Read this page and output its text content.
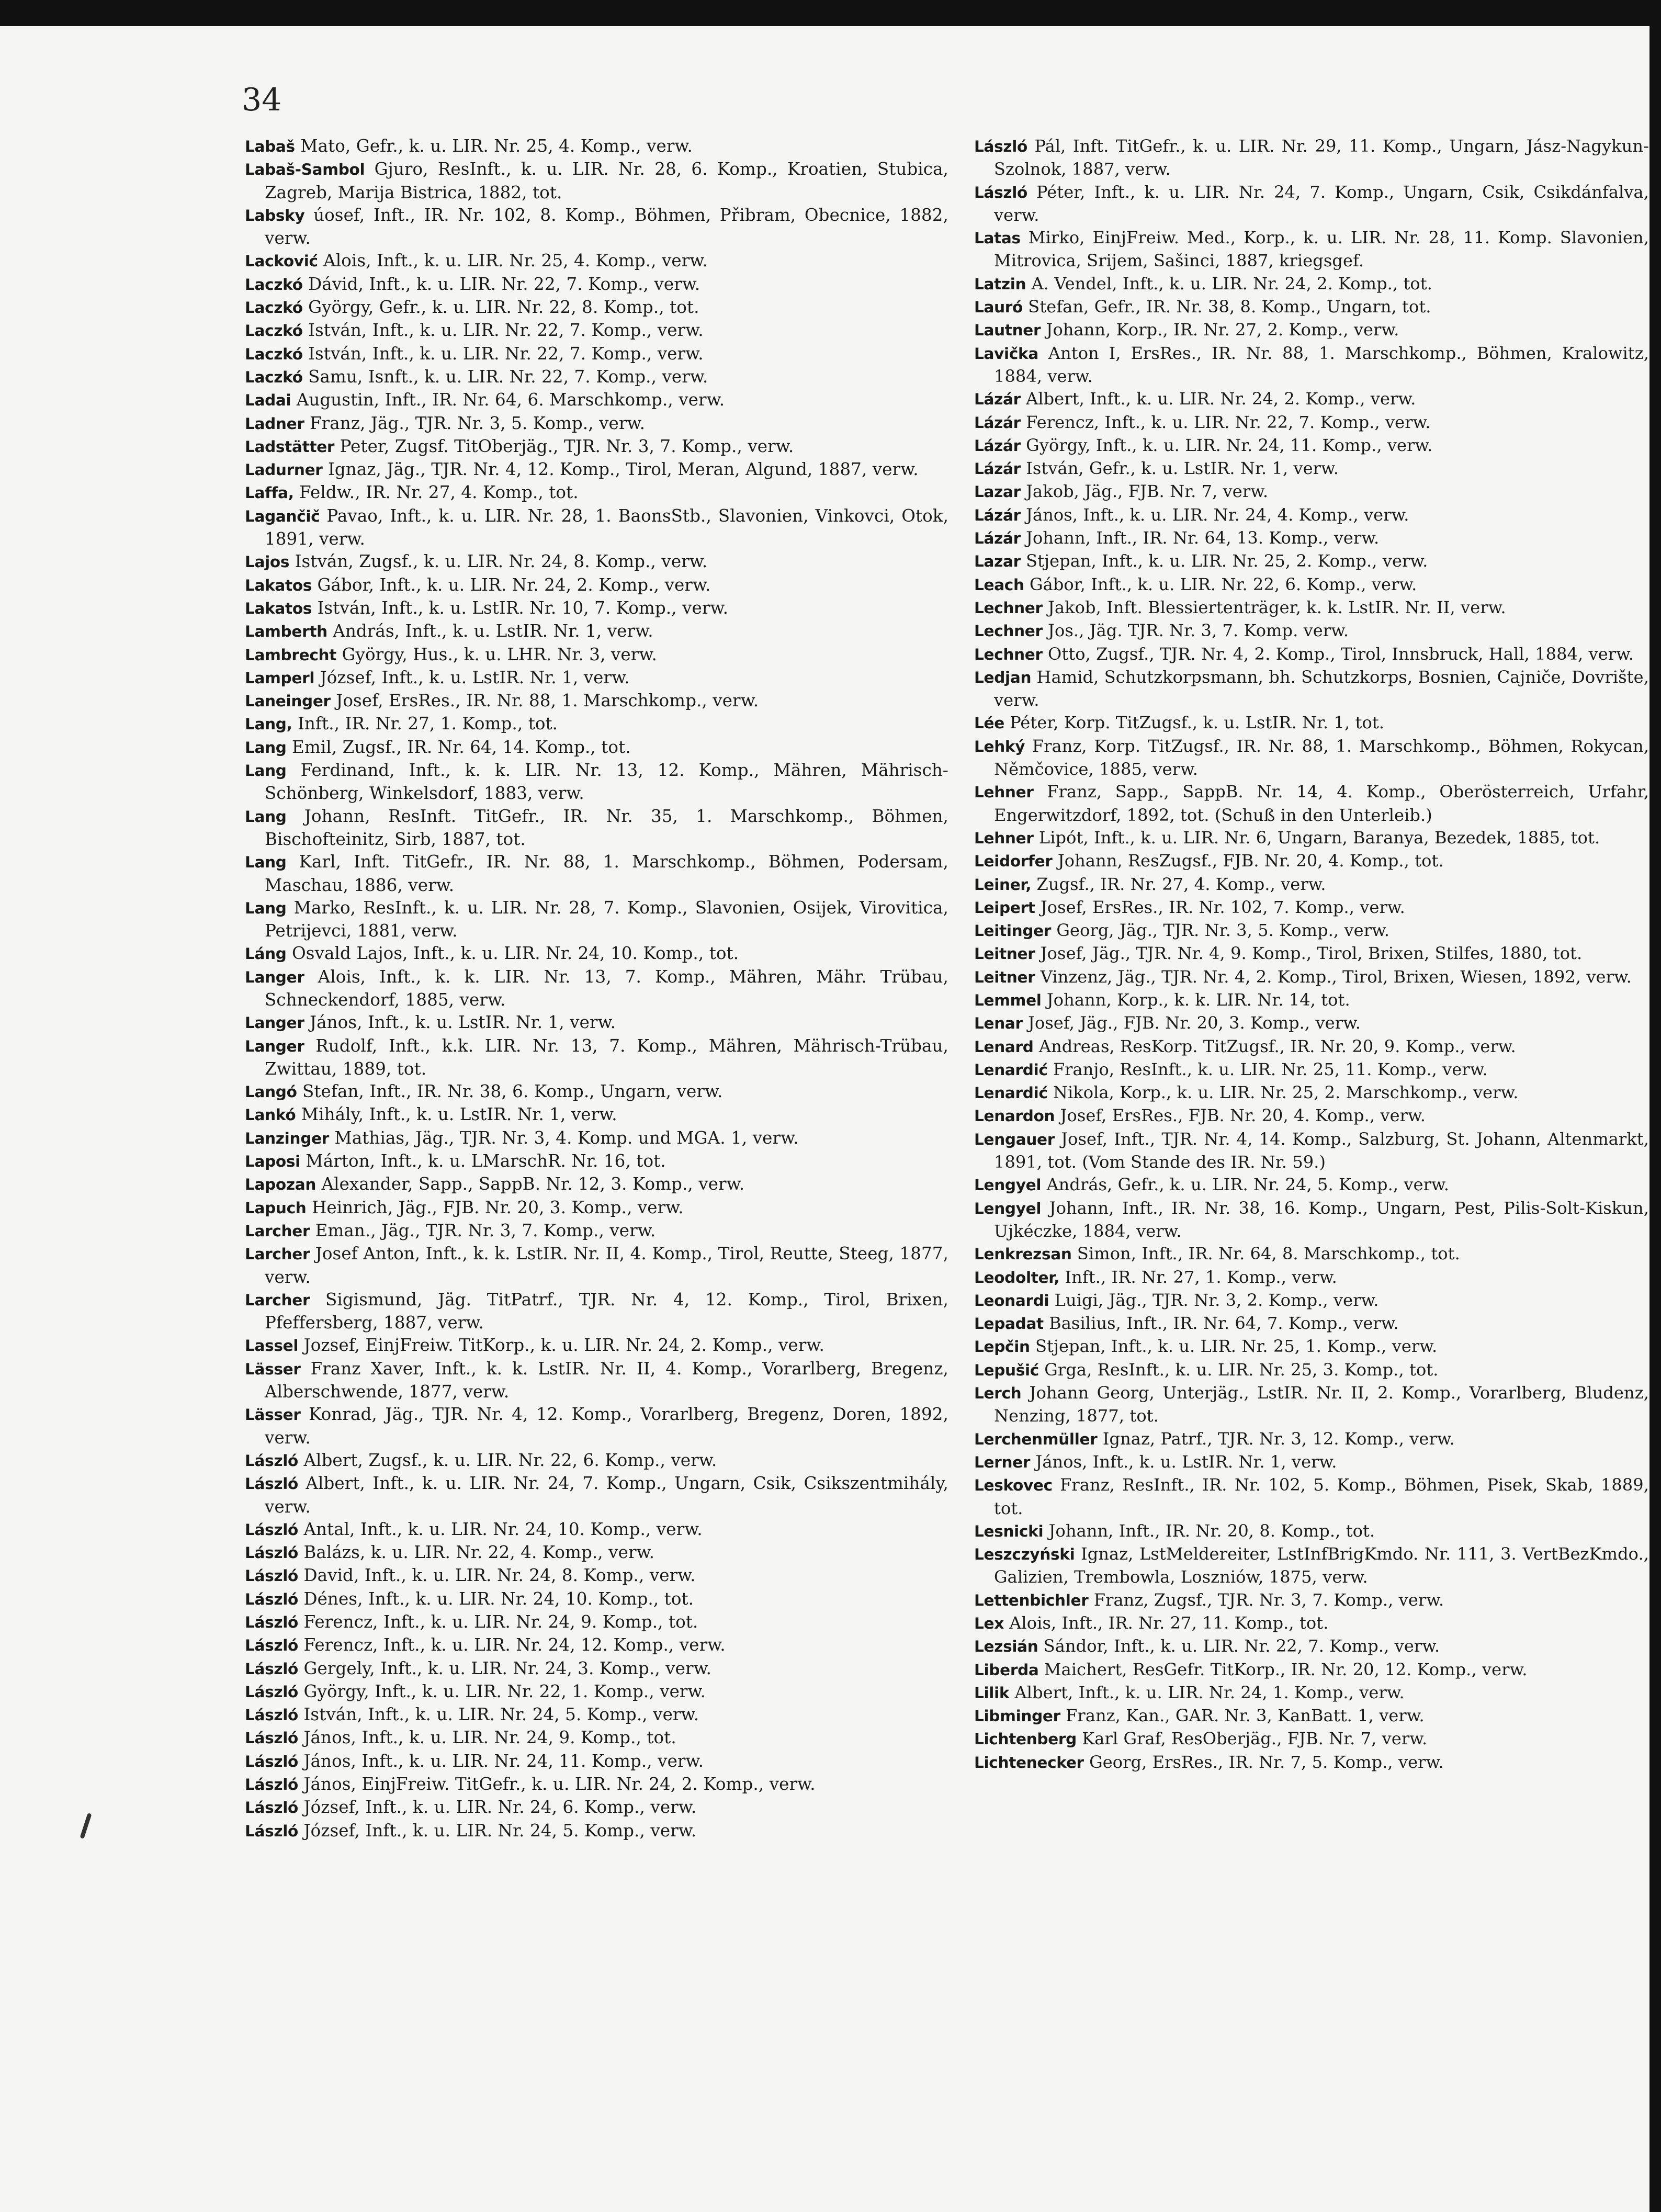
34

Labaš Mato, Gefr., k. u. LIR. Nr. 25, 4. Komp., verw.

Labaš-Sambol Gjuro, ResInft., k. u. LIR. Nr. 28, 6. Komp., Kroatien, Stubica, Zagreb, Marija Bistrica, 1882, tot.

Labsky úosef, Inft., IR. Nr. 102, 8. Komp., Böhmen, Přibram, Obecnice, 1882, verw.

Lacković Alois, Inft., k. u. LIR. Nr. 25, 4. Komp., verw.

Laczkó Dávid, Inft., k. u. LIR. Nr. 22, 7. Komp., verw.

Laczkó György, Gefr., k. u. LIR. Nr. 22, 8. Komp., tot.

Laczkó István, Inft., k. u. LIR. Nr. 22, 7. Komp., verw.

Laczkó István, Inft., k. u. LIR. Nr. 22, 7. Komp., verw.

Laczkó Samu, Isnft., k. u. LIR. Nr. 22, 7. Komp., verw.

Ladai Augustin, Inft., IR. Nr. 64, 6. Marschkomp., verw.

Ladner Franz, Jäg., TJR. Nr. 3, 5. Komp., verw.

Ladstätter Peter, Zugsf. TitOberjäg., TJR. Nr. 3, 7. Komp., verw.

Ladurner Ignaz, Jäg., TJR. Nr. 4, 12. Komp., Tirol, Meran, Algund, 1887, verw.

Laffa, Feldw., IR. Nr. 27, 4. Komp., tot.

Lagančič Pavao, Inft., k. u. LIR. Nr. 28, 1. BaonsStb., Slavonien, Vinkovci, Otok, 1891, verw.

Lajos István, Zugsf., k. u. LIR. Nr. 24, 8. Komp., verw.

Lakatos Gábor, Inft., k. u. LIR. Nr. 24, 2. Komp., verw.

Lakatos István, Inft., k. u. LstIR. Nr. 10, 7. Komp., verw.

Lamberth András, Inft., k. u. LstIR. Nr. 1, verw.

Lambrecht György, Hus., k. u. LHR. Nr. 3, verw.

Lamperl József, Inft., k. u. LstIR. Nr. 1, verw.

Laneinger Josef, ErsRes., IR. Nr. 88, 1. Marschkomp., verw.

Lang, Inft., IR. Nr. 27, 1. Komp., tot.

Lang Emil, Zugsf., IR. Nr. 64, 14. Komp., tot.

Lang Ferdinand, Inft., k. k. LIR. Nr. 13, 12. Komp., Mähren, Mährisch-Schönberg, Winkelsdorf, 1883, verw.

Lang Johann, ResInft. TitGefr., IR. Nr. 35, 1. Marschkomp., Böhmen, Bischofteinitz, Sirb, 1887, tot.

Lang Karl, Inft. TitGefr., IR. Nr. 88, 1. Marschkomp., Böhmen, Podersam, Maschau, 1886, verw.

Lang Marko, ResInft., k. u. LIR. Nr. 28, 7. Komp., Slavonien, Osijek, Virovitica, Petrijevci, 1881, verw.

Láng Osvald Lajos, Inft., k. u. LIR. Nr. 24, 10. Komp., tot.

Langer Alois, Inft., k. k. LIR. Nr. 13, 7. Komp., Mähren, Mähr. Trübau, Schneckendorf, 1885, verw.

Langer János, Inft., k. u. LstIR. Nr. 1, verw.

Langer Rudolf, Inft., k.k. LIR. Nr. 13, 7. Komp., Mähren, Mährisch-Trübau, Zwittau, 1889, tot.

Langó Stefan, Inft., IR. Nr. 38, 6. Komp., Ungarn, verw.

Lankó Mihály, Inft., k. u. LstIR. Nr. 1, verw.

Lanzinger Mathias, Jäg., TJR. Nr. 3, 4. Komp. und MGA. 1, verw.

Laposi Márton, Inft., k. u. LMarschR. Nr. 16, tot.

Lapozan Alexander, Sapp., SappB. Nr. 12, 3. Komp., verw.

Lapuch Heinrich, Jäg., FJB. Nr. 20, 3. Komp., verw.

Larcher Eman., Jäg., TJR. Nr. 3, 7. Komp., verw.

Larcher Josef Anton, Inft., k. k. LstIR. Nr. II, 4. Komp., Tirol, Reutte, Steeg, 1877, verw.

Larcher Sigismund, Jäg. TitPatrf., TJR. Nr. 4, 12. Komp., Tirol, Brixen, Pfeffersberg, 1887, verw.

Lassel Jozsef, EinjFreiw. TitKorp., k. u. LIR. Nr. 24, 2. Komp., verw.

Lässer Franz Xaver, Inft., k. k. LstIR. Nr. II, 4. Komp., Vorarlberg, Bregenz, Alberschwende, 1877, verw.

Lässer Konrad, Jäg., TJR. Nr. 4, 12. Komp., Vorarlberg, Bregenz, Doren, 1892, verw.

László Albert, Zugsf., k. u. LIR. Nr. 22, 6. Komp., verw.

László Albert, Inft., k. u. LIR. Nr. 24, 7. Komp., Ungarn, Csik, Csikszentmihály, verw.

László Antal, Inft., k. u. LIR. Nr. 24, 10. Komp., verw.

László Balázs, k. u. LIR. Nr. 22, 4. Komp., verw.

László David, Inft., k. u. LIR. Nr. 24, 8. Komp., verw.

László Dénes, Inft., k. u. LIR. Nr. 24, 10. Komp., tot.

László Ferencz, Inft., k. u. LIR. Nr. 24, 9. Komp., tot.

László Ferencz, Inft., k. u. LIR. Nr. 24, 12. Komp., verw.

László Gergely, Inft., k. u. LIR. Nr. 24, 3. Komp., verw.

László György, Inft., k. u. LIR. Nr. 22, 1. Komp., verw.

László István, Inft., k. u. LIR. Nr. 24, 5. Komp., verw.

László János, Inft., k. u. LIR. Nr. 24, 9. Komp., tot.

László János, Inft., k. u. LIR. Nr. 24, 11. Komp., verw.

László János, EinjFreiw. TitGefr., k. u. LIR. Nr. 24, 2. Komp., verw.

László József, Inft., k. u. LIR. Nr. 24, 6. Komp., verw.

László József, Inft., k. u. LIR. Nr. 24, 5. Komp., verw.

László Pál, Inft. TitGefr., k. u. LIR. Nr. 29, 11. Komp., Ungarn, Jász-Nagykun-Szolnok, 1887, verw.

László Péter, Inft., k. u. LIR. Nr. 24, 7. Komp., Ungarn, Csik, Csikdánfalva, verw.

Latas Mirko, EinjFreiw. Med., Korp., k. u. LIR. Nr. 28, 11. Komp. Slavonien, Mitrovica, Srijem, Sašinci, 1887, kriegsgef.

Latzin A. Vendel, Inft., k. u. LIR. Nr. 24, 2. Komp., tot.

Lauró Stefan, Gefr., IR. Nr. 38, 8. Komp., Ungarn, tot.

Lautner Johann, Korp., IR. Nr. 27, 2. Komp., verw.

Lavička Anton I, ErsRes., IR. Nr. 88, 1. Marschkomp., Böhmen, Kralowitz, 1884, verw.

Lázár Albert, Inft., k. u. LIR. Nr. 24, 2. Komp., verw.

Lázár Ferencz, Inft., k. u. LIR. Nr. 22, 7. Komp., verw.

Lázár György, Inft., k. u. LIR. Nr. 24, 11. Komp., verw.

Lázár István, Gefr., k. u. LstIR. Nr. 1, verw.

Lazar Jakob, Jäg., FJB. Nr. 7, verw.

Lázár János, Inft., k. u. LIR. Nr. 24, 4. Komp., verw.

Lázár Johann, Inft., IR. Nr. 64, 13. Komp., verw.

Lazar Stjepan, Inft., k. u. LIR. Nr. 25, 2. Komp., verw.

Leach Gábor, Inft., k. u. LIR. Nr. 22, 6. Komp., verw.

Lechner Jakob, Inft. Blessiertenträger, k. k. LstIR. Nr. II, verw.

Lechner Jos., Jäg. TJR. Nr. 3, 7. Komp. verw.

Lechner Otto, Zugsf., TJR. Nr. 4, 2. Komp., Tirol, Innsbruck, Hall, 1884, verw.

Ledjan Hamid, Schutzkorpsmann, bh. Schutzkorps, Bosnien, Cajniče, Dovrište, verw.

Lée Péter, Korp. TitZugsf., k. u. LstIR. Nr. 1, tot.

Lehký Franz, Korp. TitZugsf., IR. Nr. 88, 1. Marschkomp., Böhmen, Rokycan, Němčovice, 1885, verw.

Lehner Franz, Sapp., SappB. Nr. 14, 4. Komp., Oberösterreich, Urfahr, Engerwitzdorf, 1892, tot. (Schuß in den Unterleib.)

Lehner Lipót, Inft., k. u. LIR. Nr. 6, Ungarn, Baranya, Bezedek, 1885, tot.

Leidorfer Johann, ResZugsf., FJB. Nr. 20, 4. Komp., tot.

Leiner, Zugsf., IR. Nr. 27, 4. Komp., verw.

Leipert Josef, ErsRes., IR. Nr. 102, 7. Komp., verw.

Leitinger Georg, Jäg., TJR. Nr. 3, 5. Komp., verw.

Leitner Josef, Jäg., TJR. Nr. 4, 9. Komp., Tirol, Brixen, Stilfes, 1880, tot.

Leitner Vinzenz, Jäg., TJR. Nr. 4, 2. Komp., Tirol, Brixen, Wiesen, 1892, verw.

Lemmel Johann, Korp., k. k. LIR. Nr. 14, tot.

Lenar Josef, Jäg., FJB. Nr. 20, 3. Komp., verw.

Lenard Andreas, ResKorp. TitZugsf., IR. Nr. 20, 9. Komp., verw.

Lenardić Franjo, ResInft., k. u. LIR. Nr. 25, 11. Komp., verw.

Lenardić Nikola, Korp., k. u. LIR. Nr. 25, 2. Marschkomp., verw.

Lenardon Josef, ErsRes., FJB. Nr. 20, 4. Komp., verw.

Lengauer Josef, Inft., TJR. Nr. 4, 14. Komp., Salzburg, St. Johann, Altenmarkt, 1891, tot. (Vom Stande des IR. Nr. 59.)

Lengyel András, Gefr., k. u. LIR. Nr. 24, 5. Komp., verw.

Lengyel Johann, Inft., IR. Nr. 38, 16. Komp., Ungarn, Pest, Pilis-Solt-Kiskun, Ujkéczke, 1884, verw.

Lenkrezsan Simon, Inft., IR. Nr. 64, 8. Marschkomp., tot.

Leodolter, Inft., IR. Nr. 27, 1. Komp., verw.

Leonardi Luigi, Jäg., TJR. Nr. 3, 2. Komp., verw.

Lepadat Basilius, Inft., IR. Nr. 64, 7. Komp., verw.

Lepčin Stjepan, Inft., k. u. LIR. Nr. 25, 1. Komp., verw.

Lepušić Grga, ResInft., k. u. LIR. Nr. 25, 3. Komp., tot.

Lerch Johann Georg, Unterjäg., LstIR. Nr. II, 2. Komp., Vorarlberg, Bludenz, Nenzing, 1877, tot.

Lerchenmüller Ignaz, Patrf., TJR. Nr. 3, 12. Komp., verw.

Lerner János, Inft., k. u. LstIR. Nr. 1, verw.

Leskovec Franz, ResInft., IR. Nr. 102, 5. Komp., Böhmen, Pisek, Skab, 1889, tot.

Lesnicki Johann, Inft., IR. Nr. 20, 8. Komp., tot.

Leszczyński Ignaz, LstMeldereiter, LstInfBrigKmdo. Nr. 111, 3. VertBezKmdo., Galizien, Trembowla, Loszniów, 1875, verw.

Lettenbichler Franz, Zugsf., TJR. Nr. 3, 7. Komp., verw.

Lex Alois, Inft., IR. Nr. 27, 11. Komp., tot.

Lezsián Sándor, Inft., k. u. LIR. Nr. 22, 7. Komp., verw.

Liberda Maichert, ResGefr. TitKorp., IR. Nr. 20, 12. Komp., verw.

Lilik Albert, Inft., k. u. LIR. Nr. 24, 1. Komp., verw.

Libminger Franz, Kan., GAR. Nr. 3, KanBatt. 1, verw.

Lichtenberg Karl Graf, ResOberjäg., FJB. Nr. 7, verw.

Lichtenecker Georg, ErsRes., IR. Nr. 7, 5. Komp., verw.
